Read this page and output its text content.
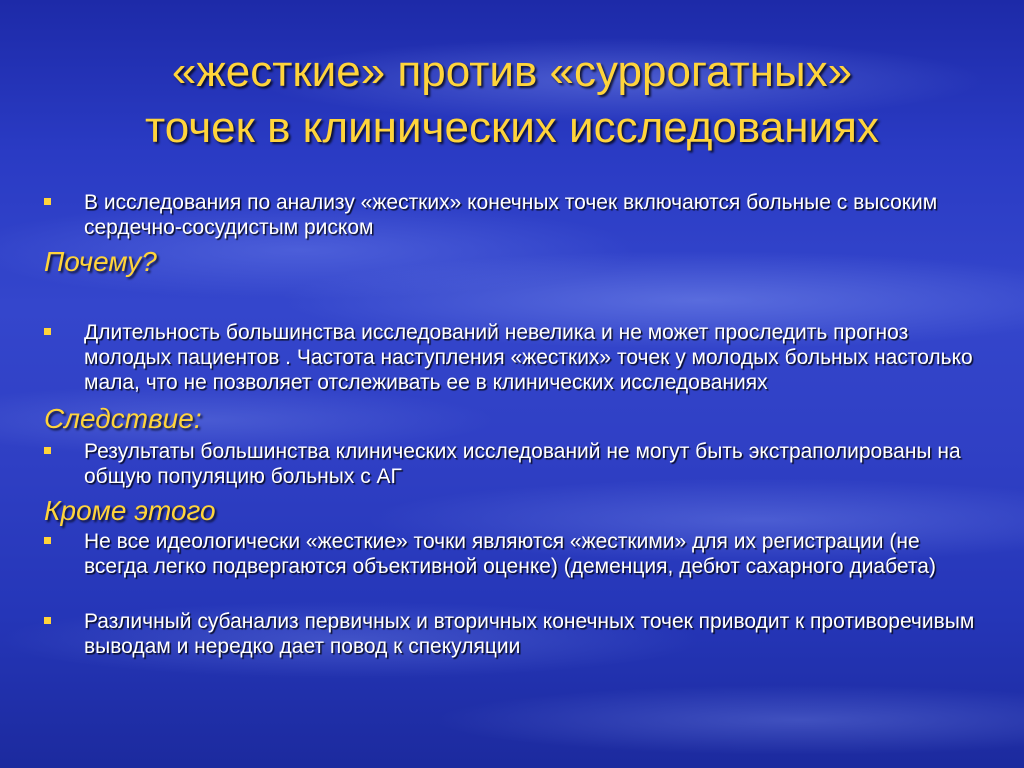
«жесткие» против «суррогатных»
точек в клинических исследованиях
В исследования по анализу «жестких» конечных точек включаются больные с высоким сердечно-сосудистым риском
Почему?
Длительность большинства исследований невелика и не может проследить прогноз молодых пациентов . Частота наступления «жестких» точек у молодых больных настолько мала, что не позволяет отслеживать ее в клинических исследованиях
Следствие:
Результаты большинства клинических исследований не могут быть экстраполированы на общую популяцию больных с АГ
Кроме этого
Не все идеологически «жесткие» точки являются «жесткими» для их регистрации (не всегда легко подвергаются объективной оценке) (деменция, дебют сахарного диабета)
Различный субанализ первичных и вторичных конечных точек приводит к противоречивым выводам и нередко дает повод к спекуляции
